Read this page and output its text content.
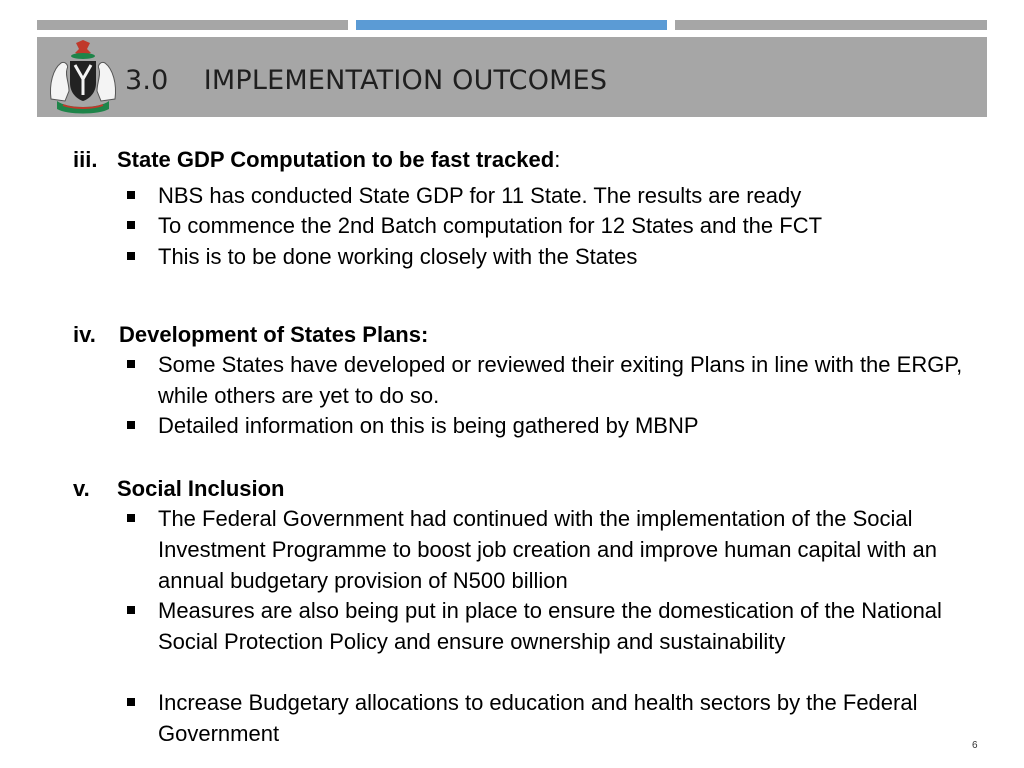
3.0 IMPLEMENTATION OUTCOMES
iii. State GDP Computation to be fast tracked:
NBS has conducted State GDP for 11 State. The results are ready
To commence the 2nd Batch computation for 12 States and the FCT
This is to be done working closely with the States
iv. Development of States Plans:
Some States have developed or reviewed their exiting Plans in line with the ERGP, while others are yet to do so.
Detailed information on this is being gathered by MBNP
v. Social Inclusion
The Federal Government had continued with the implementation of the Social Investment Programme to boost job creation and improve human capital with an annual budgetary provision of N500 billion
Measures are also being put in place to ensure the domestication of the National Social Protection Policy and ensure ownership and sustainability
Increase Budgetary allocations to education and health sectors by the Federal Government	6
